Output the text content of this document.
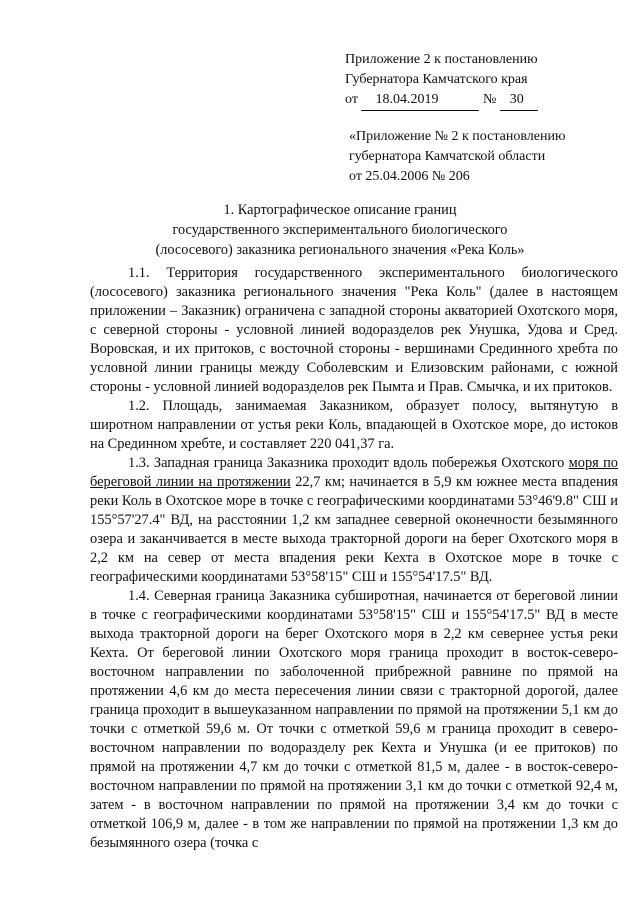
Приложение 2 к постановлению
Губернатора Камчатского края
от 18.04.2019	№ 30
«Приложение № 2 к постановлению
губернатора Камчатской области
от 25.04.2006 № 206
1. Картографическое описание границ
государственного экспериментального биологического
(лососевого) заказника регионального значения «Река Коль»

1.1. Территория государственного экспериментального биологического (лососевого) заказника регионального значения "Река Коль" (далее в настоящем приложении – Заказник) ограничена с западной стороны акваторией Охотского моря, с северной стороны - условной линией водоразделов рек Унушка, Удова и Сред. Воровская, и их притоков, с восточной стороны - вершинами Срединного хребта по условной линии границы между Соболевским и Елизовским районами, с южной стороны - условной линией водоразделов рек Пымта и Прав. Смычка, и их притоков.

1.2. Площадь, занимаемая Заказником, образует полосу, вытянутую в широтном направлении от устья реки Коль, впадающей в Охотское море, до истоков на Срединном хребте, и составляет 220 041,37 га.

1.3. Западная граница Заказника проходит вдоль побережья Охотского моря по береговой линии на протяжении 22,7 км; начинается в 5,9 км южнее места впадения реки Коль в Охотское море в точке с географическими координатами 53°46'9.8" СШ и 155°57'27.4" ВД, на расстоянии 1,2 км западнее северной оконечности безымянного озера и заканчивается в месте выхода тракторной дороги на берег Охотского моря в 2,2 км на север от места впадения реки Кехта в Охотское море в точке с географическими координатами 53°58'15" СШ и 155°54'17.5" ВД.

1.4. Северная граница Заказника субширотная, начинается от береговой линии в точке с географическими координатами 53°58'15" СШ и 155°54'17.5" ВД в месте выхода тракторной дороги на берег Охотского моря в 2,2 км севернее устья реки Кехта. От береговой линии Охотского моря граница проходит в восток-северо-восточном направлении по заболоченной прибрежной равнине по прямой на протяжении 4,6 км до места пересечения линии связи с тракторной дорогой, далее граница проходит в вышеуказанном направлении по прямой на протяжении 5,1 км до точки с отметкой 59,6 м. От точки с отметкой 59,6 м граница проходит в северо-восточном направлении по водоразделу рек Кехта и Унушка (и ее притоков) по прямой на протяжении 4,7 км до точки с отметкой 81,5 м, далее - в восток-северо-восточном направлении по прямой на протяжении 3,1 км до точки с отметкой 92,4 м, затем - в восточном направлении по прямой на протяжении 3,4 км до точки с отметкой 106,9 м, далее - в том же направлении по прямой на протяжении 1,3 км до безымянного озера (точка с
